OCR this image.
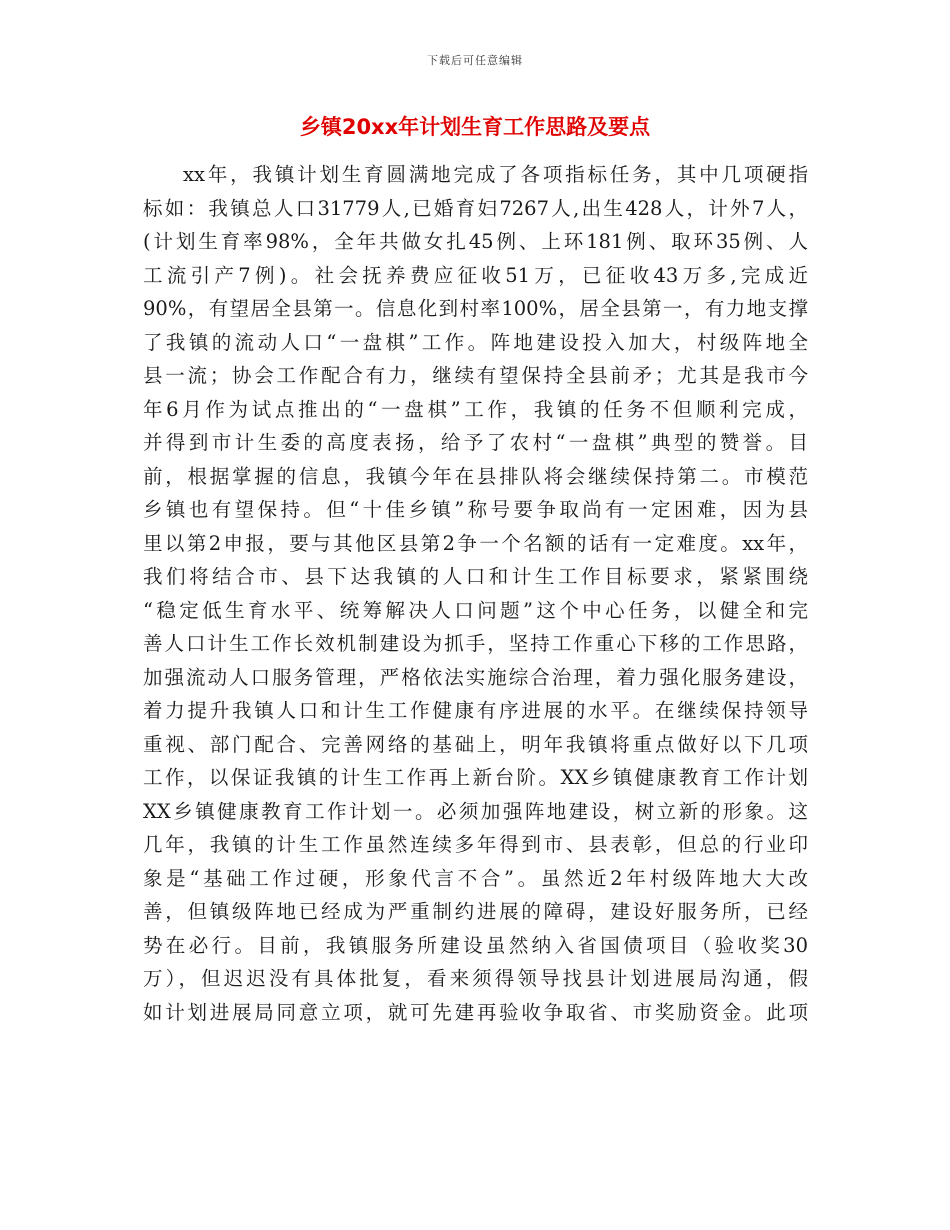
下载后可任意编辑
乡镇20xx年计划生育工作思路及要点
xx年，我镇计划生育圆满地完成了各项指标任务，其中几项硬指
标如：我镇总人口31779人,已婚育妇7267人,出生428人，计外7人，
(计划生育率98%，全年共做女扎45例、上环181例、取环35例、人
工流引产7例)。社会抚养费应征收51万，已征收43万多,完成近
90%，有望居全县第一。信息化到村率100%，居全县第一，有力地支撑
了我镇的流动人口“一盘棋”工作。阵地建设投入加大，村级阵地全
县一流；协会工作配合有力，继续有望保持全县前矛；尤其是我市今
年6月作为试点推出的“一盘棋”工作，我镇的任务不但顺利完成，
并得到市计生委的高度表扬，给予了农村“一盘棋”典型的赞誉。目
前，根据掌握的信息，我镇今年在县排队将会继续保持第二。市模范
乡镇也有望保持。但“十佳乡镇”称号要争取尚有一定困难，因为县
里以第2申报，要与其他区县第2争一个名额的话有一定难度。xx年，
我们将结合市、县下达我镇的人口和计生工作目标要求，紧紧围绕
“稳定低生育水平、统筹解决人口问题”这个中心任务，以健全和完
善人口计生工作长效机制建设为抓手，坚持工作重心下移的工作思路，
加强流动人口服务管理，严格依法实施综合治理，着力强化服务建设，
着力提升我镇人口和计生工作健康有序进展的水平。在继续保持领导
重视、部门配合、完善网络的基础上，明年我镇将重点做好以下几项
工作，以保证我镇的计生工作再上新台阶。XX乡镇健康教育工作计划
XX乡镇健康教育工作计划一。必须加强阵地建设，树立新的形象。这
几年，我镇的计生工作虽然连续多年得到市、县表彰，但总的行业印
象是“基础工作过硬，形象代言不合”。虽然近2年村级阵地大大改
善，但镇级阵地已经成为严重制约进展的障碍，建设好服务所，已经
势在必行。目前，我镇服务所建设虽然纳入省国债项目（验收奖30
万），但迟迟没有具体批复，看来须得领导找县计划进展局沟通，假
如计划进展局同意立项，就可先建再验收争取省、市奖励资金。此项
